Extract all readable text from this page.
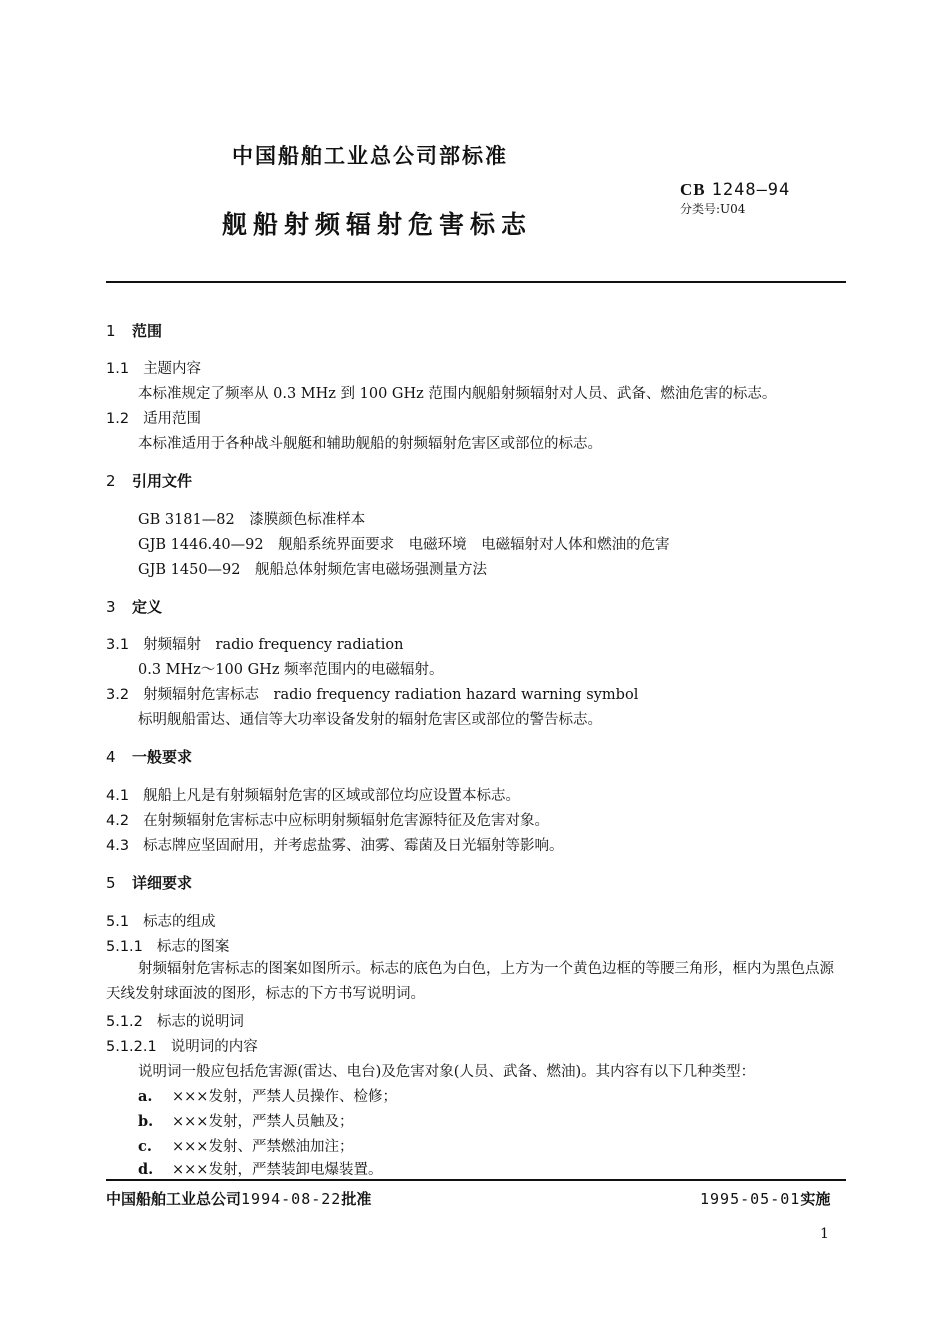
中国船舶工业总公司部标准
CB 1248—94
分类号:U04
舰船射频辐射危害标志
1 范围
1.1 主题内容
本标准规定了频率从 0.3 MHz 到 100 GHz 范围内舰船射频辐射对人员、武备、燃油危害的标志。
1.2 适用范围
本标准适用于各种战斗舰艇和辅助舰船的射频辐射危害区或部位的标志。
2 引用文件
GB 3181—82　漆膜颜色标准样本
GJB 1446.40—92　舰船系统界面要求　电磁环境　电磁辐射对人体和燃油的危害
GJB 1450—92　舰船总体射频危害电磁场强测量方法
3 定义
3.1 射频辐射　radio frequency radiation
0.3 MHz～100 GHz 频率范围内的电磁辐射。
3.2 射频辐射危害标志　radio frequency radiation hazard warning symbol
标明舰船雷达、通信等大功率设备发射的辐射危害区或部位的警告标志。
4 一般要求
4.1 舰船上凡是有射频辐射危害的区域或部位均应设置本标志。
4.2 在射频辐射危害标志中应标明射频辐射危害源特征及危害对象。
4.3 标志牌应坚固耐用，并考虑盐雾、油雾、霉菌及日光辐射等影响。
5 详细要求
5.1 标志的组成
5.1.1 标志的图案
射频辐射危害标志的图案如图所示。标志的底色为白色，上方为一个黄色边框的等腰三角形，框内为黑色点源天线发射球面波的图形，标志的下方书写说明词。
5.1.2 标志的说明词
5.1.2.1 说明词的内容
说明词一般应包括危害源(雷达、电台)及危害对象(人员、武备、燃油)。其内容有以下几种类型：
a. ×××发射，严禁人员操作、检修；
b. ×××发射，严禁人员触及；
c. ×××发射、严禁燃油加注；
d. ×××发射，严禁装卸电爆装置。
中国船舶工业总公司1994-08-22批准	1995-05-01实施
1
